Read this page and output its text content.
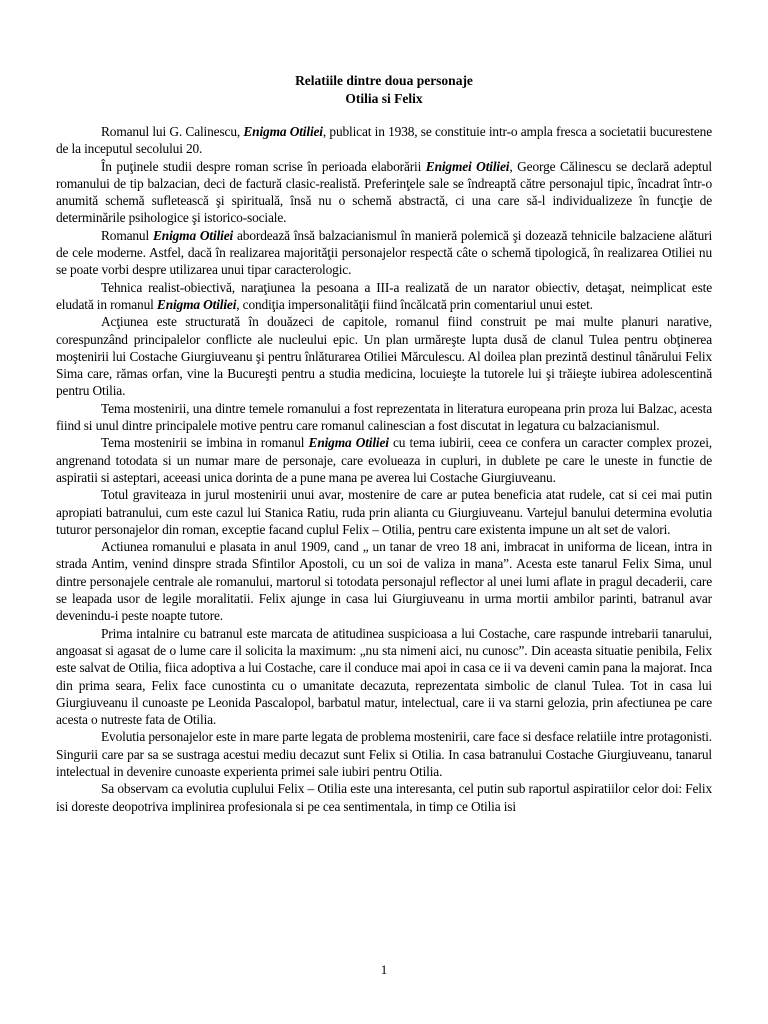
Relatiile dintre doua personaje

Otilia si Felix

Romanul lui G. Calinescu, Enigma Otiliei, publicat in 1938, se constituie intr-o ampla fresca a societatii bucurestene de la inceputul secolului 20.

În puţinele studii despre roman scrise în perioada elaborării Enigmei Otiliei, George Călinescu se declară adeptul romanului de tip balzacian, deci de factură clasic-realistă. Preferinţele sale se îndreaptă către personajul tipic, încadrat într-o anumită schemă sufletească şi spirituală, însă nu o schemă abstractă, ci una care să-l individualizeze în funcţie de determinările psihologice şi istorico-sociale.

Romanul Enigma Otiliei abordează însă balzacianismul în manieră polemică şi dozează tehnicile balzaciene alături de cele moderne. Astfel, dacă în realizarea majorităţii personajelor respectă câte o schemă tipologică, în realizarea Otiliei nu se poate vorbi despre utilizarea unui tipar caracterologic.

Tehnica realist-obiectivă, naraţiunea la pesoana a III-a realizată de un narator obiectiv, detaşat, neimplicat este eludată in romanul Enigma Otiliei, condiţia impersonalităţii fiind încălcată prin comentariul unui estet.

Acţiunea este structurată în douăzeci de capitole, romanul fiind construit pe mai multe planuri narative, corespunzând principalelor conflicte ale nucleului epic. Un plan urmăreşte lupta dusă de clanul Tulea pentru obţinerea moştenirii lui Costache Giurgiuveanu şi pentru înlăturarea Otiliei Mărculescu. Al doilea plan prezintă destinul tânărului Felix Sima care, rămas orfan, vine la Bucureşti pentru a studia medicina, locuieşte la tutorele lui şi trăieşte iubirea adolescentină pentru Otilia.

Tema mostenirii, una dintre temele romanului a fost reprezentata in literatura europeana prin proza lui Balzac, acesta fiind si unul dintre principalele motive pentru care romanul calinescian a fost discutat in legatura cu balzacianismul.

Tema mostenirii se imbina in romanul Enigma Otiliei cu tema iubirii, ceea ce confera un caracter complex prozei, angrenand totodata si un numar mare de personaje, care evolueaza in cupluri, in dublete pe care le uneste in functie de aspiratii si asteptari, aceeasi unica dorinta de a pune mana pe averea lui Costache Giurgiuveanu.

Totul graviteaza in jurul mostenirii unui avar, mostenire de care ar putea beneficia atat rudele, cat si cei mai putin apropiati batranului, cum este cazul lui Stanica Ratiu, ruda prin alianta cu Giurgiuveanu. Vartejul banului determina evolutia tuturor personajelor din roman, exceptie facand cuplul Felix – Otilia, pentru care existenta impune un alt set de valori.

Actiunea romanului e plasata in anul 1909, cand „ un tanar de vreo 18 ani, imbracat in uniforma de licean, intra in strada Antim, venind dinspre strada Sfintilor Apostoli, cu un soi de valiza in mana”. Acesta este tanarul Felix Sima, unul dintre personajele centrale ale romanului, martorul si totodata personajul reflector al unei lumi aflate in pragul decaderii, care se leapada usor de legile moralitatii. Felix ajunge in casa lui Giurgiuveanu in urma mortii ambilor parinti, batranul avar devenindu-i peste noapte tutore.

Prima intalnire cu batranul este marcata de atitudinea suspicioasa a lui Costache, care raspunde intrebarii tanarului, angoasat si agasat de o lume care il solicita la maximum: „nu sta nimeni aici, nu cunosc”. Din aceasta situatie penibila, Felix este salvat de Otilia, fiica adoptiva a lui Costache, care il conduce mai apoi in casa ce ii va deveni camin pana la majorat. Inca din prima seara, Felix face cunostinta cu o umanitate decazuta, reprezentata simbolic de clanul Tulea. Tot in casa lui Giurgiuveanu il cunoaste pe Leonida Pascalopol, barbatul matur, intelectual, care ii va starni gelozia, prin afectiunea pe care acesta o nutreste fata de Otilia.

Evolutia personajelor este in mare parte legata de problema mostenirii, care face si desface relatiile intre protagonisti. Singurii care par sa se sustraga acestui mediu decazut sunt Felix si Otilia. In casa batranului Costache Giurgiuveanu, tanarul intelectual in devenire cunoaste experienta primei sale iubiri pentru Otilia.

Sa observam ca evolutia cuplului Felix – Otilia este una interesanta, cel putin sub raportul aspiratiilor celor doi: Felix isi doreste deopotriva implinirea profesionala si pe cea sentimentala, in timp ce Otilia isi

1
